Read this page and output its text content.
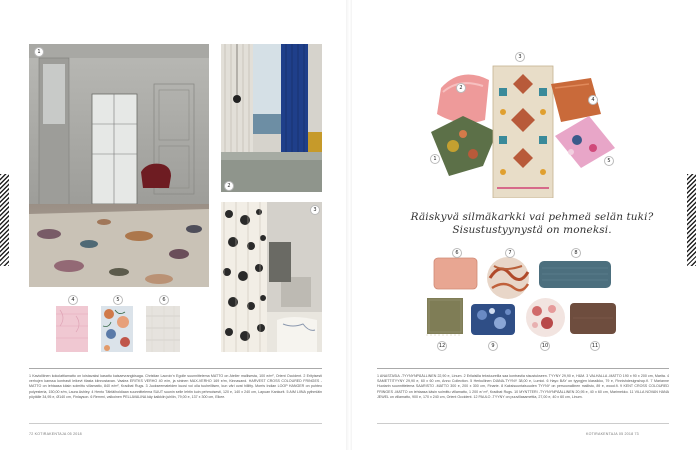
1
2
3
4	5	6
1 Kaviolliinen kokolattiamatto on loistavaksi kasattu kaisaevrangkisaga. Christian Lacroix'n Egolle suunnittelema MATTO on Atelier mallisesta, 100 e/m², Orient Occident. 2 Erityisesti verhojen kanssa kontrasti leikevt tilasta kiinnostavan. Vaalea ERITKS VERHO 40 e/m, ja sininen MAX-VERHO 169 e/m, Kinnasand. HARVEST CROSS COLOURED FRINGES -MATTO on lehtaasa käsin solmittu villamatto, 840 e/m², Kradbat Rugs. 3 Juokseemateiden kuosi voi olla tuuheillisen, kun väri ovat hillitty. Morris Indian LOOP HANGER on puhteo polyesteria, 150,00 e/m, Laura Ashley. 4 Hento Tähtäiholdiaan suunnittelema SUUT suunin selle lehtin kuin pehmoisesti, 120 e, 140 x 240 cm, Lapuan Kankurit. 5 AIM LIINA pyihmiäin pöytälle 34,95 e, Ø140 cm, Finlayson. 6 Remmi, valkoinen PELLAVALINA käy kaikkiin juhliin, 79,00 e, 137 x 300 cm, Elkee.
72 KOTIRAKENTAJA 05 2018
1
2
3
4
5
Räiskyvä silmäkarkki vai pehmeä selän tuki?
Sisustustyynystä on moneksi.
6	7	8
12	9	10	11
1 ANASTASIA -TYYNYNPÄÄLLINEN 22,90 e, Linum. 2 Erilaisilla tekstuureilla saa kontrastia sisustukseen. TYYNY 29,90 e, H&M. 3 VALHALLA -MATTO 190 x 90 x 200 cm, Marita. 4 SAMETTITYYNY 29,90 e, 60 x 60 cm, Anno Collection. 5 Herkullinen DIANA-TYYNY 38,00 e, Lumiol. 6 Hayo BAY on tyyngjen klassikko, 79 e, Finnishdesignshop.fi. 7 Marianne Huotarin suunnittelema SAARISTO -MATTO 300 e, 200 x 300 cm, Finarte. 8 Kaksisuuntaisuuden TYYNY on persoonallinen mallisto, 89 e, wood.fi. 9 KENT CROSS COLOURED FRINGES -MATTO on lehtaasa käsin solmittu villamatto, 1 200 e/ m², Kradbat Rugs. 10 MYNTTERI -TYYNYNPÄÄLLINEN 20,95 e, 40 x 60 cm, Marimekko. 11 VILLA NOVAN HANA JEWEL on villamatto, 900 e, 170 x 240 cm, Orient Occident. 12 PAULO -TYYNY on puuvillasamettia, 27,00 e, 40 x 60 cm, Linum.
KOTIRAKENTAJA 05 2018 73
